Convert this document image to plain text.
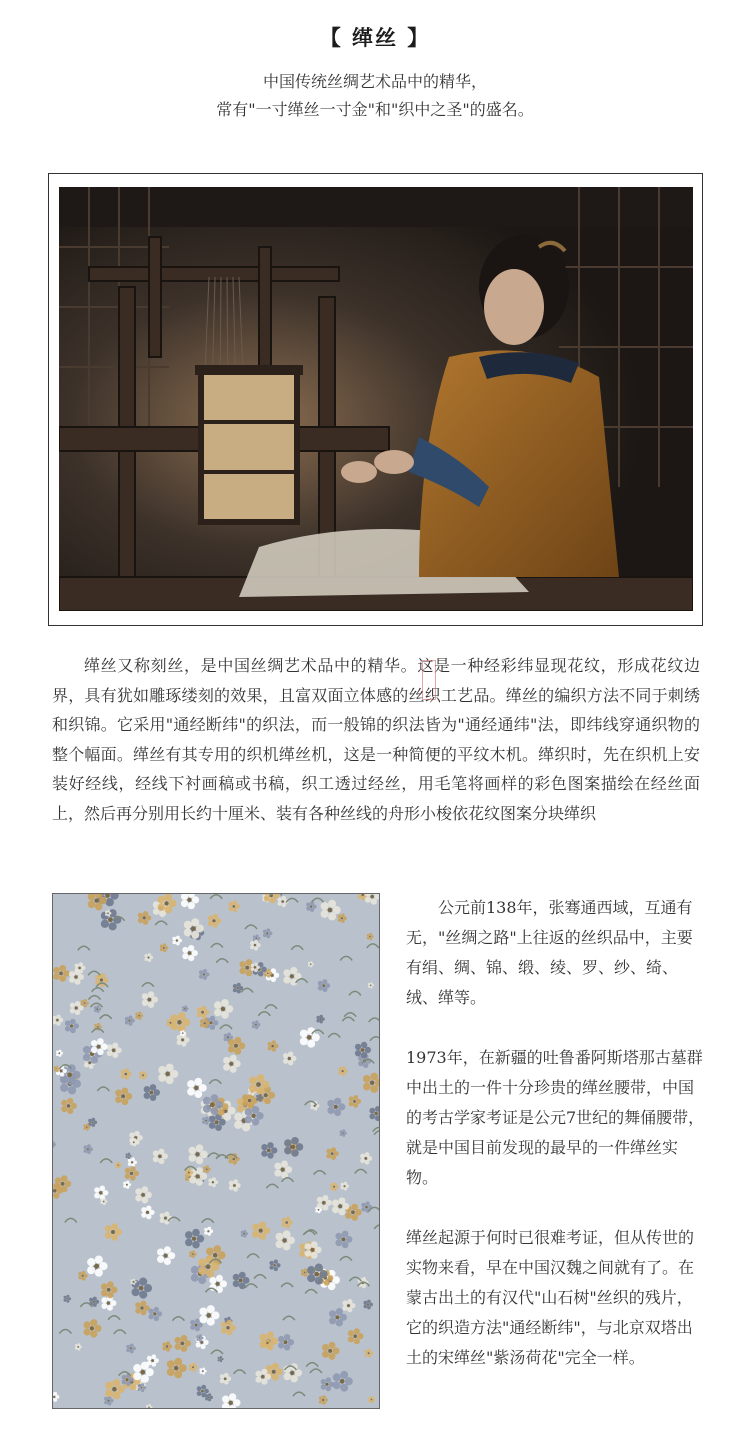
【 缂丝 】
中国传统丝绸艺术品中的精华，
常有"一寸缂丝一寸金"和"织中之圣"的盛名。

缂丝又称刻丝，是中国丝绸艺术品中的精华。这是一种经彩纬显现花纹，形成花纹边界，具有犹如雕琢缕刻的效果，且富双面立体感的丝织工艺品。缂丝的编织方法不同于刺绣和织锦。它采用"通经断纬"的织法，而一般锦的织法皆为"通经通纬"法，即纬线穿通织物的整个幅面。缂丝有其专用的织机缂丝机，这是一种简便的平纹木机。缂织时，先在织机上安装好经线，经线下衬画稿或书稿，织工透过经丝，用毛笔将画样的彩色图案描绘在经丝面上，然后再分别用长约十厘米、装有各种丝线的舟形小梭依花纹图案分块缂织

公元前138年，张骞通西域，互通有无，"丝绸之路"上往返的丝织品中，主要有绢、绸、锦、缎、绫、罗、纱、绮、绒、缂等。

1973年，在新疆的吐鲁番阿斯塔那古墓群中出土的一件十分珍贵的缂丝腰带，中国的考古学家考证是公元7世纪的舞俑腰带，就是中国目前发现的最早的一件缂丝实物。

缂丝起源于何时已很难考证，但从传世的实物来看，早在中国汉魏之间就有了。在蒙古出土的有汉代"山石树"丝织的残片，它的织造方法"通经断纬"，与北京双塔出土的宋缂丝"紫汤荷花"完全一样。
